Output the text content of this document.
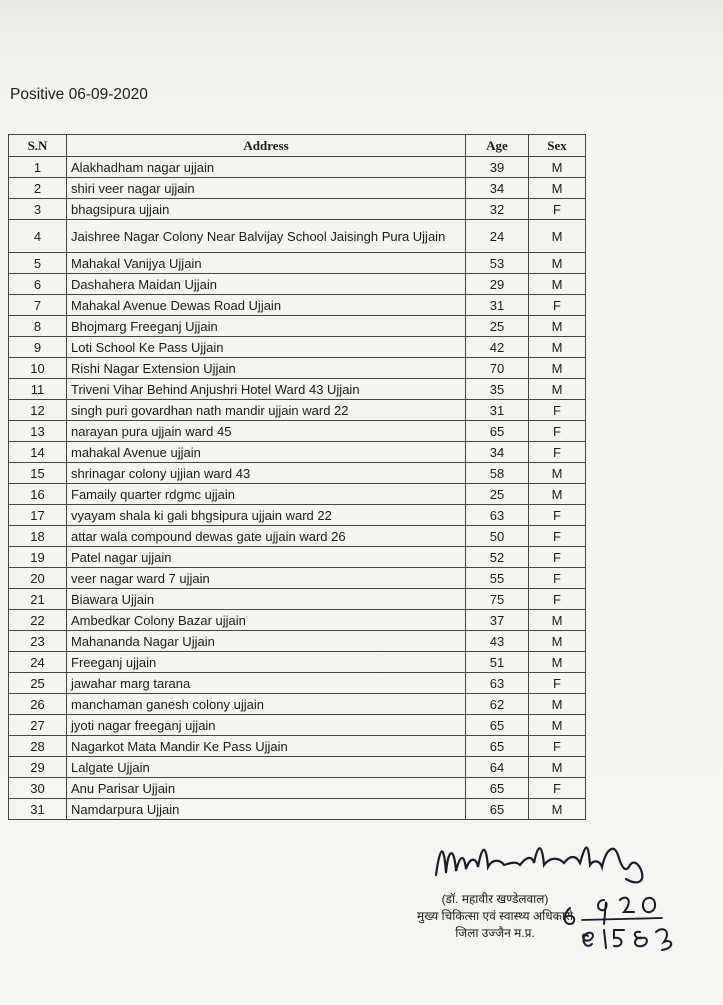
Positive 06-09-2020
S.N	Address	Age	Sex
1	Alakhadham nagar ujjain	39	M
2	shiri veer nagar ujjain	34	M
3	bhagsipura ujjain	32	F
4	Jaishree Nagar Colony Near Balvijay School Jaisingh Pura Ujjain	24	M
5	Mahakal Vanijya Ujjain	53	M
6	Dashahera Maidan Ujjain	29	M
7	Mahakal Avenue Dewas Road Ujjain	31	F
8	Bhojmarg Freeganj Ujjain	25	M
9	Loti School Ke Pass Ujjain	42	M
10	Rishi Nagar Extension Ujjain	70	M
11	Triveni Vihar Behind Anjushri Hotel Ward 43 Ujjain	35	M
12	singh puri govardhan nath mandir ujjain ward 22	31	F
13	narayan pura ujjain ward 45	65	F
14	mahakal Avenue ujjain	34	F
15	shrinagar colony ujjian ward 43	58	M
16	Famaily quarter rdgmc ujjain	25	M
17	vyayam shala ki gali bhgsipura ujjain ward 22	63	F
18	attar wala compound dewas gate ujjain ward 26	50	F
19	Patel nagar ujjain	52	F
20	veer nagar ward 7 ujjain	55	F
21	Biawara Ujjain	75	F
22	Ambedkar Colony Bazar ujjain	37	M
23	Mahananda Nagar Ujjain	43	M
24	Freeganj ujjain	51	M
25	jawahar marg tarana	63	F
26	manchaman ganesh colony ujjain	62	M
27	jyoti nagar freeganj ujjain	65	M
28	Nagarkot Mata Mandir Ke Pass Ujjain	65	F
29	Lalgate Ujjain	64	M
30	Anu Parisar Ujjain	65	F
31	Namdarpura Ujjain	65	M
(डॉ. महावीर खण्डेलवाल)
मुख्य चिकित्सा एवं स्वास्थ्य अधिकारी
जिला उज्जैन म.प्र.
